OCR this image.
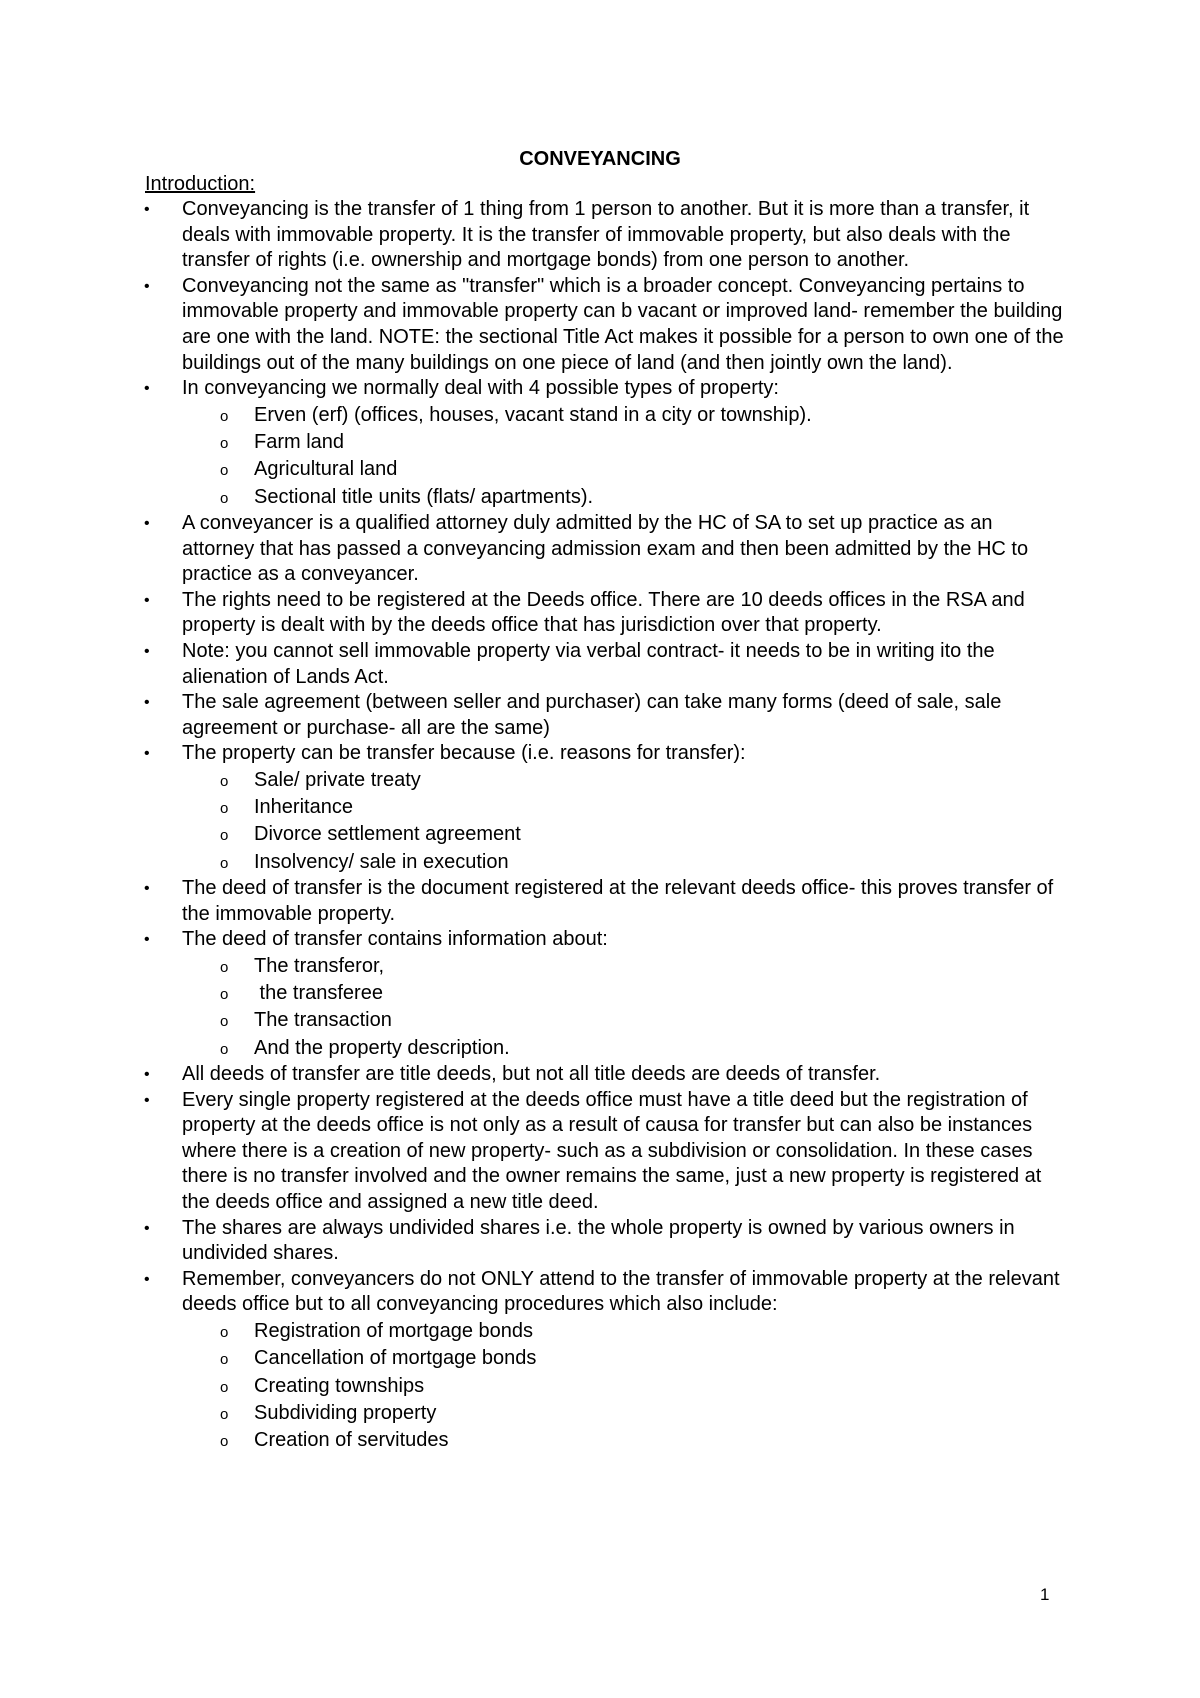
CONVEYANCING
Introduction:
• Conveyancing is the transfer of 1 thing from 1 person to another. But it is more than a transfer, it deals with immovable property. It is the transfer of immovable property, but also deals with the transfer of rights (i.e. ownership and mortgage bonds) from one person to another.
• Conveyancing not the same as "transfer" which is a broader concept. Conveyancing pertains to immovable property and immovable property can b vacant or improved land- remember the building are one with the land. NOTE: the sectional Title Act makes it possible for a person to own one of the buildings out of the many buildings on one piece of land (and then jointly own the land).
• In conveyancing we normally deal with 4 possible types of property:
o Erven (erf) (offices, houses, vacant stand in a city or township).
o Farm land
o Agricultural land
o Sectional title units (flats/ apartments).
• A conveyancer is a qualified attorney duly admitted by the HC of SA to set up practice as an attorney that has passed a conveyancing admission exam and then been admitted by the HC to practice as a conveyancer.
• The rights need to be registered at the Deeds office. There are 10 deeds offices in the RSA and property is dealt with by the deeds office that has jurisdiction over that property.
• Note: you cannot sell immovable property via verbal contract- it needs to be in writing ito the alienation of Lands Act.
• The sale agreement (between seller and purchaser) can take many forms (deed of sale, sale agreement or purchase- all are the same)
• The property can be transfer because (i.e. reasons for transfer):
o Sale/ private treaty
o Inheritance
o Divorce settlement agreement
o Insolvency/ sale in execution
• The deed of transfer is the document registered at the relevant deeds office- this proves transfer of the immovable property.
• The deed of transfer contains information about:
o The transferor,
o the transferee
o The transaction
o And the property description.
• All deeds of transfer are title deeds, but not all title deeds are deeds of transfer.
• Every single property registered at the deeds office must have a title deed but the registration of property at the deeds office is not only as a result of causa for transfer but can also be instances where there is a creation of new property- such as a subdivision or consolidation. In these cases there is no transfer involved and the owner remains the same, just a new property is registered at the deeds office and assigned a new title deed.
• The shares are always undivided shares i.e. the whole property is owned by various owners in undivided shares.
• Remember, conveyancers do not ONLY attend to the transfer of immovable property at the relevant deeds office but to all conveyancing procedures which also include:
o Registration of mortgage bonds
o Cancellation of mortgage bonds
o Creating townships
o Subdividing property
o Creation of servitudes
1
